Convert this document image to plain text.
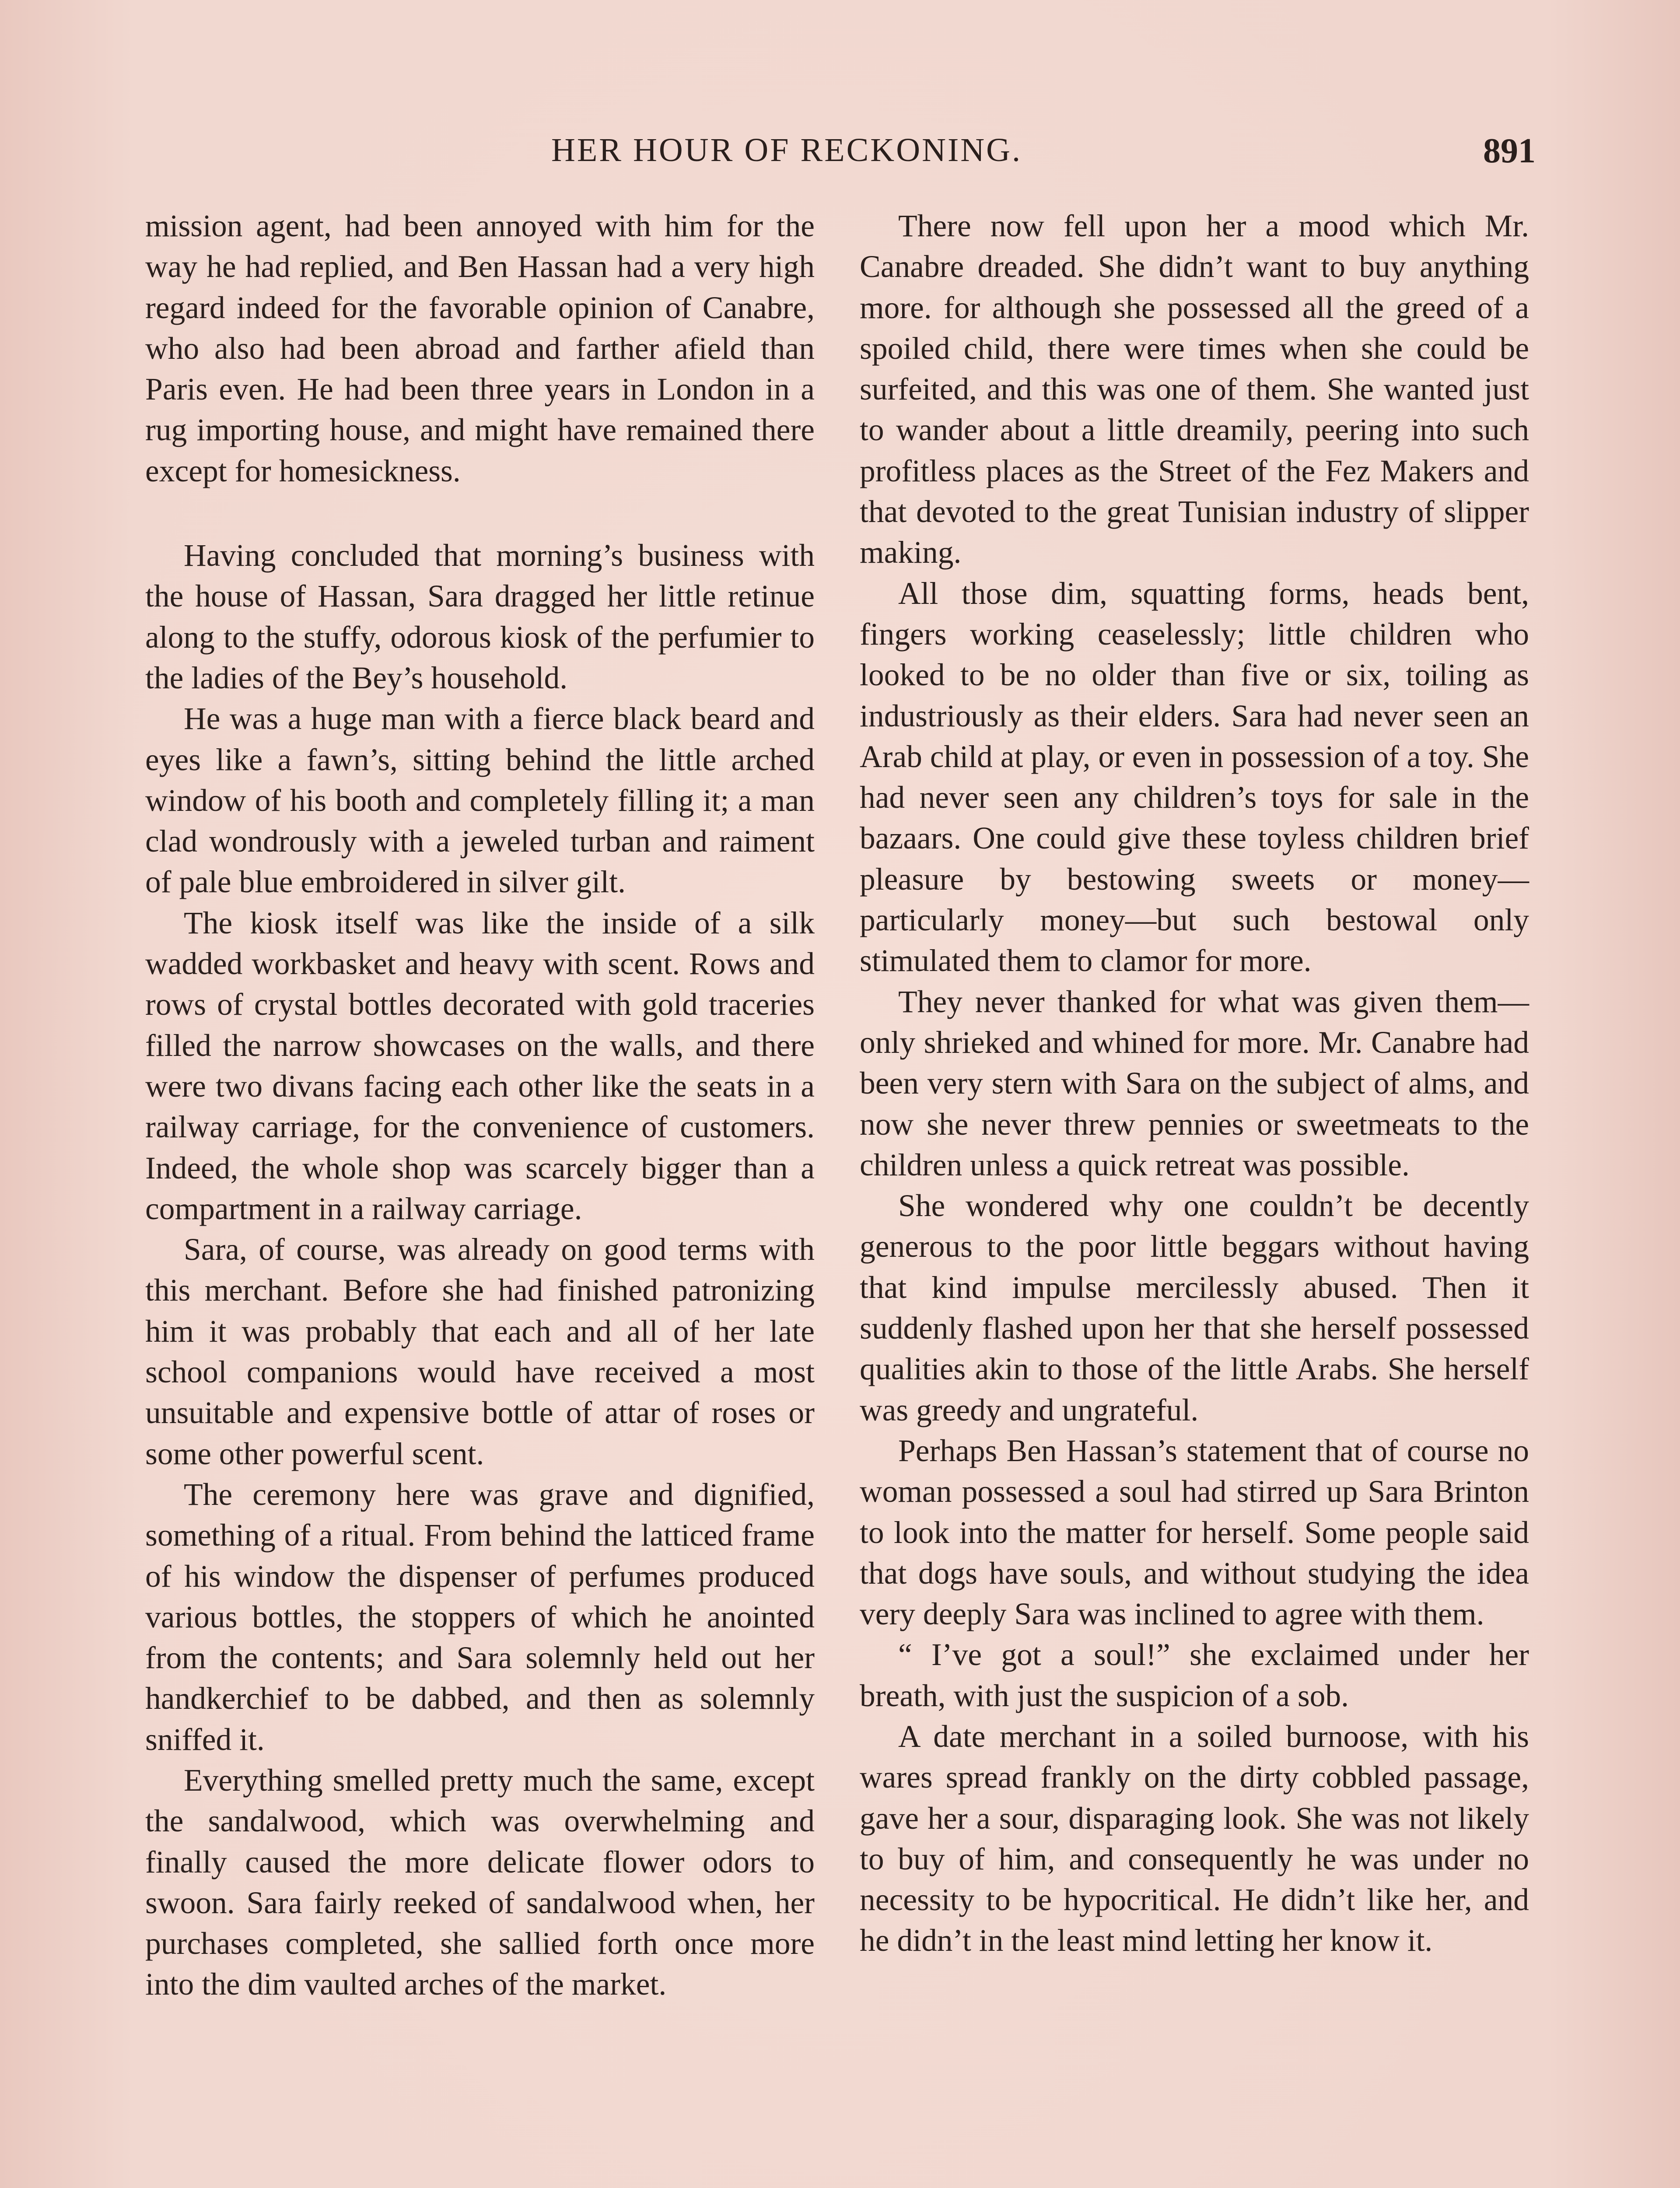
HER HOUR OF RECKONING.	891

mission agent, had been annoyed with him for the way he had replied, and Ben Hassan had a very high regard indeed for the favorable opinion of Canabre, who also had been abroad and farther afield than Paris even. He had been three years in London in a rug importing house, and might have remained there except for homesickness.

Having concluded that morning’s business with the house of Hassan, Sara dragged her little retinue along to the stuffy, odorous kiosk of the perfumier to the ladies of the Bey’s household.

He was a huge man with a fierce black beard and eyes like a fawn’s, sitting behind the little arched window of his booth and completely filling it; a man clad wondrously with a jeweled turban and raiment of pale blue embroidered in silver gilt.

The kiosk itself was like the inside of a silk wadded workbasket and heavy with scent. Rows and rows of crystal bottles decorated with gold traceries filled the narrow showcases on the walls, and there were two divans facing each other like the seats in a railway carriage, for the convenience of customers. Indeed, the whole shop was scarcely bigger than a compartment in a railway carriage.

Sara, of course, was already on good terms with this merchant. Before she had finished patronizing him it was probably that each and all of her late school companions would have received a most unsuitable and expensive bottle of attar of roses or some other powerful scent.

The ceremony here was grave and dignified, something of a ritual. From behind the latticed frame of his window the dispenser of perfumes produced various bottles, the stoppers of which he anointed from the contents; and Sara solemnly held out her handkerchief to be dabbed, and then as solemnly sniffed it.

Everything smelled pretty much the same, except the sandalwood, which was overwhelming and finally caused the more delicate flower odors to swoon. Sara fairly reeked of sandalwood when, her purchases completed, she sallied forth once more into the dim vaulted arches of the market.

There now fell upon her a mood which Mr. Canabre dreaded. She didn’t want to buy anything more. for although she possessed all the greed of a spoiled child, there were times when she could be surfeited, and this was one of them. She wanted just to wander about a little dreamily, peering into such profitless places as the Street of the Fez Makers and that devoted to the great Tunisian industry of slipper making.

All those dim, squatting forms, heads bent, fingers working ceaselessly; little children who looked to be no older than five or six, toiling as industriously as their elders. Sara had never seen an Arab child at play, or even in possession of a toy. She had never seen any children’s toys for sale in the bazaars. One could give these toyless children brief pleasure by bestowing sweets or money—particularly money—but such bestowal only stimulated them to clamor for more.

They never thanked for what was given them—only shrieked and whined for more. Mr. Canabre had been very stern with Sara on the subject of alms, and now she never threw pennies or sweetmeats to the children unless a quick retreat was possible.

She wondered why one couldn’t be decently generous to the poor little beggars without having that kind impulse mercilessly abused. Then it suddenly flashed upon her that she herself possessed qualities akin to those of the little Arabs. She herself was greedy and ungrateful.

Perhaps Ben Hassan’s statement that of course no woman possessed a soul had stirred up Sara Brinton to look into the matter for herself. Some people said that dogs have souls, and without studying the idea very deeply Sara was inclined to agree with them.

“ I’ve got a soul!” she exclaimed under her breath, with just the suspicion of a sob.

A date merchant in a soiled burnoose, with his wares spread frankly on the dirty cobbled passage, gave her a sour, disparaging look. She was not likely to buy of him, and consequently he was under no necessity to be hypocritical. He didn’t like her, and he didn’t in the least mind letting her know it.
